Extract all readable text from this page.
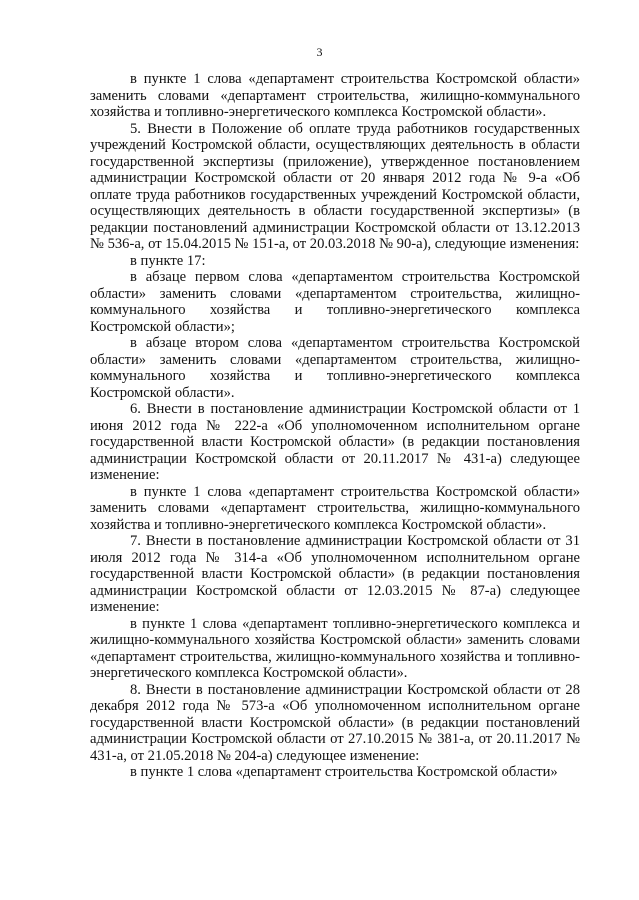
3

в пункте 1 слова «департамент строительства Костромской области» заменить словами «департамент строительства, жилищно-коммунального хозяйства и топливно-энергетического комплекса Костромской области».

5. Внести в Положение об оплате труда работников государственных учреждений Костромской области, осуществляющих деятельность в области государственной экспертизы (приложение), утвержденное постановлением администрации Костромской области от 20 января 2012 года № 9-а «Об оплате труда работников государственных учреждений Костромской области, осуществляющих деятельность в области государственной экспертизы» (в редакции постановлений администрации Костромской области от 13.12.2013 № 536-а, от 15.04.2015 № 151-а, от 20.03.2018 № 90-а), следующие изменения:

в пункте 17:

в абзаце первом слова «департаментом строительства Костромской области» заменить словами «департаментом строительства, жилищно-коммунального хозяйства и топливно-энергетического комплекса Костромской области»;

в абзаце втором слова «департаментом строительства Костромской области» заменить словами «департаментом строительства, жилищно-коммунального хозяйства и топливно-энергетического комплекса Костромской области».

6. Внести в постановление администрации Костромской области от 1 июня 2012 года № 222-а «Об уполномоченном исполнительном органе государственной власти Костромской области» (в редакции постановления администрации Костромской области от 20.11.2017 № 431-а) следующее изменение:

в пункте 1 слова «департамент строительства Костромской области» заменить словами «департамент строительства, жилищно-коммунального хозяйства и топливно-энергетического комплекса Костромской области».

7. Внести в постановление администрации Костромской области от 31 июля 2012 года № 314-а «Об уполномоченном исполнительном органе государственной власти Костромской области» (в редакции постановления администрации Костромской области от 12.03.2015 № 87-а) следующее изменение:

в пункте 1 слова «департамент топливно-энергетического комплекса и жилищно-коммунального хозяйства Костромской области» заменить словами «департамент строительства, жилищно-коммунального хозяйства и топливно-энергетического комплекса Костромской области».

8. Внести в постановление администрации Костромской области от 28 декабря 2012 года № 573-а «Об уполномоченном исполнительном органе государственной власти Костромской области» (в редакции постановлений администрации Костромской области от 27.10.2015 № 381-а, от 20.11.2017 № 431-а, от 21.05.2018 № 204-а) следующее изменение:

в пункте 1 слова «департамент строительства Костромской области»
